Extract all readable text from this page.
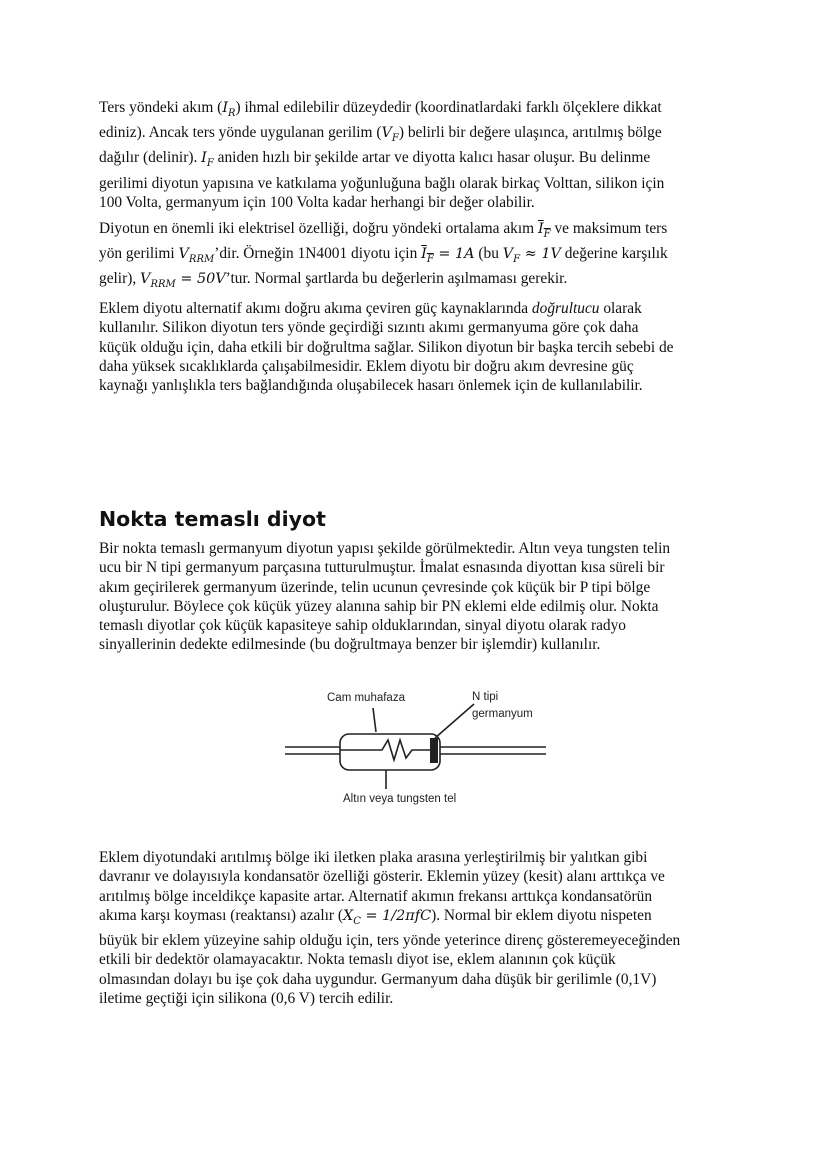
Ters yöndeki akım $(I_R)$ ihmal edilebilir düzeydedir (koordinatlardaki farklı ölçeklere dikkat
ediniz). Ancak ters yönde uygulanan gerilim $(V_F)$ belirli bir değere ulaşınca, arıtılmış bölge
dağılır (delinir). $I_F$ aniden hızlı bir şekilde artar ve diyotta kalıcı hasar oluşur. Bu delinme
gerilimi diyotun yapısına ve katkılama yoğunluğuna bağlı olarak birkaç Volttan, silikon için
100 Volta, germanyum için 100 Volta kadar herhangi bir değer olabilir.
Diyotun en önemli iki elektrisel özelliği, doğru yöndeki ortalama akım $I_F$ ve maksimum ters
yön gerilimi $V_{RRM}’dir$. Örneğin 1N4001 diyotu için $I_F = 1A$ (bu $V_F \approx 1V$ değerine karşılık
gelir), $V_{RRM}$ = 50V’tur. Normal şartlarda bu değerlerin aşılmaması gerekir.
Eklem diyotu alternatif akımı doğru akıma çeviren güç kaynaklarında doğrultucu olarak
kullanılır. Silikon diyotun ters yönde geçirdiği sızıntı akımı germanyuma göre çok daha
küçük olduğu için, daha etkili bir doğrultma sağlar. Silikon diyotun bir başka tercih sebebi de
daha yüksek sıcaklıklarda çalışabilmesidir. Eklem diyotu bir doğru akım devresine güç
kaynağı yanlışlıkla ters bağlandığında oluşabilecek hasarı önlemek için de kullanılabilir.
Nokta temaslı diyot
Bir nokta temaslı germanyum diyotun yapısı şekilde görülmektedir. Altın veya tungsten telin
ucu bir N tipi germanyum parçasına tutturulmuştur. İmalat esnasında diyottan kısa süreli bir
akım geçirilerek germanyum üzerinde, telin ucunun çevresinde çok küçük bir P tipi bölge
oluşturulur. Böylece çok küçük yüzey alanına sahip bir PN eklemi elde edilmiş olur. Nokta
temaslı diyotlar çok küçük kapasiteye sahip olduklarından, sinyal diyotu olarak radyo
sinyallerinin dedekte edilmesinde (bu doğrultmaya benzer bir işlemdir) kullanılır.
Cam muhafaza	N tipi
germanyum
Altın veya tungsten tel
Eklem diyotundaki arıtılmış bölge iki iletken plaka arasına yerleştirilmiş bir yalıtkan gibi
davranır ve dolayısıyla kondansatör özelliği gösterir. Eklemin yüzey (kesit) alanı arttıkça ve
arıtılmış bölge inceldikçe kapasite artar. Alternatif akımın frekansı arttıkça kondansatörün
akıma karşı koyması (reaktansı) azalır $(X_C = 1/2\pi fC)$. Normal bir eklem diyotu nispeten
büyük bir eklem yüzeyine sahip olduğu için, ters yönde yeterince direnç gösteremeyeceğinden
etkili bir dedektör olamayacaktır. Nokta temaslı diyot ise, eklem alanının çok küçük
olmasından dolayı bu işe çok daha uygundur. Germanyum daha düşük bir gerilimle (0,1V)
iletime geçtiği için silikona (0,6 V) tercih edilir.
